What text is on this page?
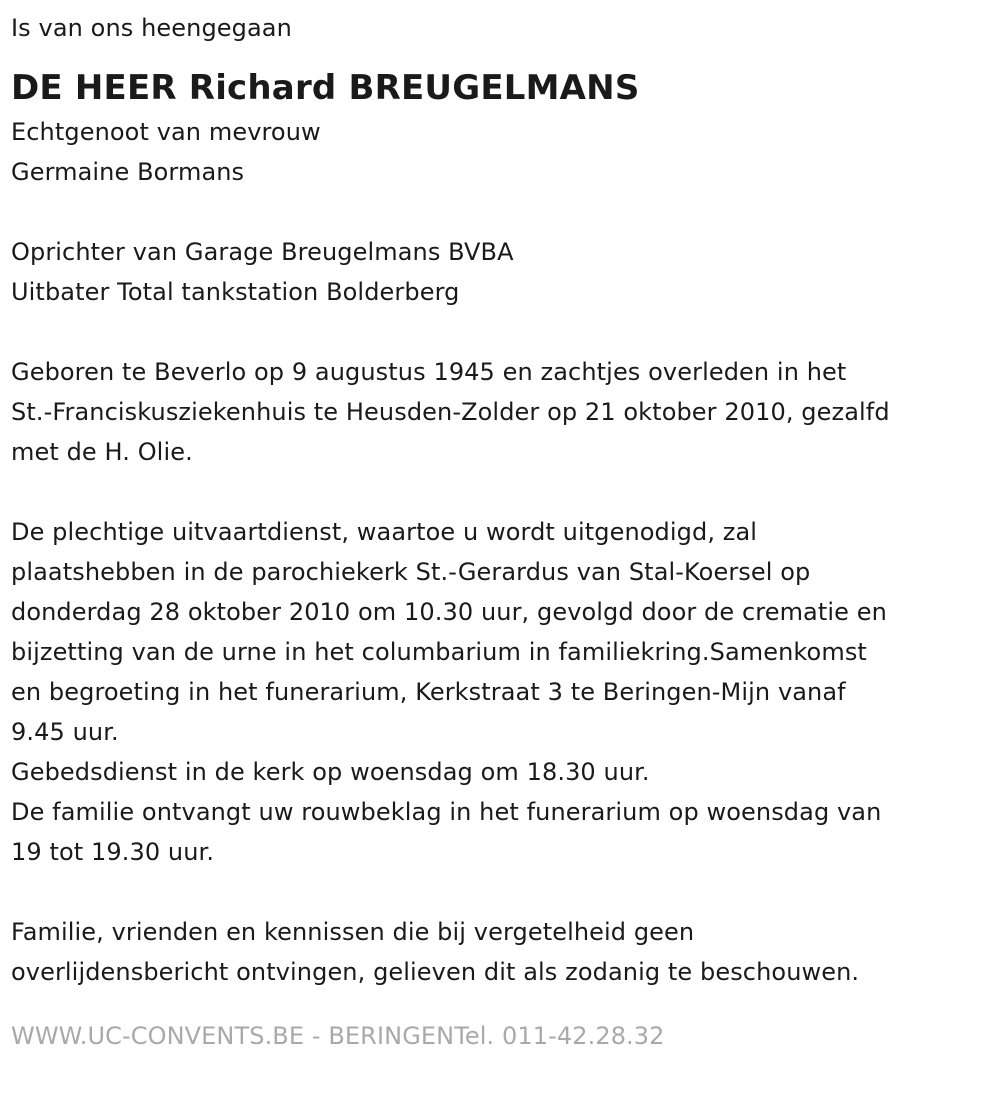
Is van ons heengegaan
DE HEER Richard BREUGELMANS
Echtgenoot van mevrouw
Germaine Bormans
Oprichter van Garage Breugelmans BVBA
Uitbater Total tankstation Bolderberg
Geboren te Beverlo op 9 augustus 1945 en zachtjes overleden in het
St.-Franciskusziekenhuis te Heusden-Zolder op 21 oktober 2010, gezalfd
met de H. Olie.
De plechtige uitvaartdienst, waartoe u wordt uitgenodigd, zal
plaatshebben in de parochiekerk St.-Gerardus van Stal-Koersel op
donderdag 28 oktober 2010 om 10.30 uur, gevolgd door de crematie en
bijzetting van de urne in het columbarium in familiekring.Samenkomst
en begroeting in het funerarium, Kerkstraat 3 te Beringen-Mijn vanaf
9.45 uur.
Gebedsdienst in de kerk op woensdag om 18.30 uur.
De familie ontvangt uw rouwbeklag in het funerarium op woensdag van
19 tot 19.30 uur.
Familie, vrienden en kennissen die bij vergetelheid geen
overlijdensbericht ontvingen, gelieven dit als zodanig te beschouwen.
WWW.UC-CONVENTS.BE - BERINGENTel. 011-42.28.32
